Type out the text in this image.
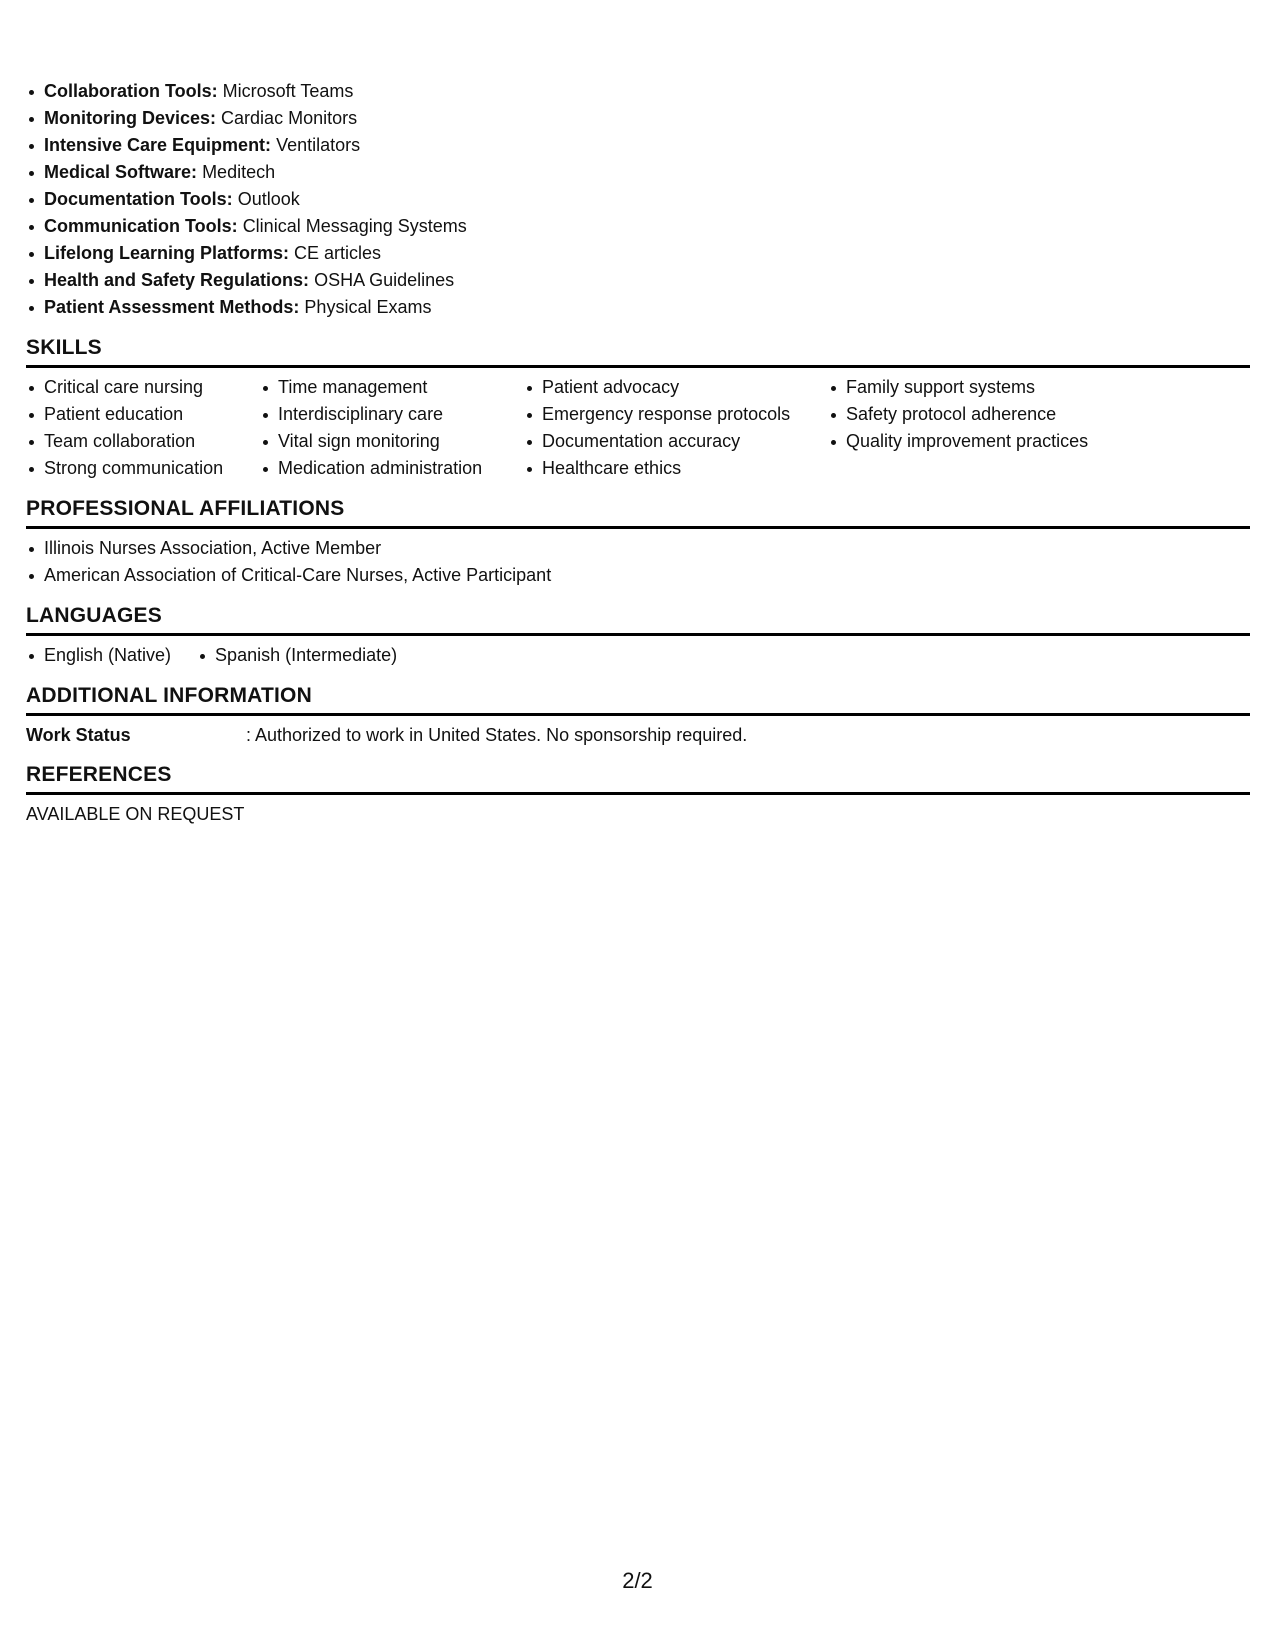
Collaboration Tools: Microsoft Teams
Monitoring Devices: Cardiac Monitors
Intensive Care Equipment: Ventilators
Medical Software: Meditech
Documentation Tools: Outlook
Communication Tools: Clinical Messaging Systems
Lifelong Learning Platforms: CE articles
Health and Safety Regulations: OSHA Guidelines
Patient Assessment Methods: Physical Exams
SKILLS
Critical care nursing
Patient education
Team collaboration
Strong communication
Time management
Interdisciplinary care
Vital sign monitoring
Medication administration
Patient advocacy
Emergency response protocols
Documentation accuracy
Healthcare ethics
Family support systems
Safety protocol adherence
Quality improvement practices
PROFESSIONAL AFFILIATIONS
Illinois Nurses Association, Active Member
American Association of Critical-Care Nurses, Active Participant
LANGUAGES
English (Native)	Spanish (Intermediate)
ADDITIONAL INFORMATION
Work Status	: Authorized to work in United States. No sponsorship required.
REFERENCES
AVAILABLE ON REQUEST
2/2
